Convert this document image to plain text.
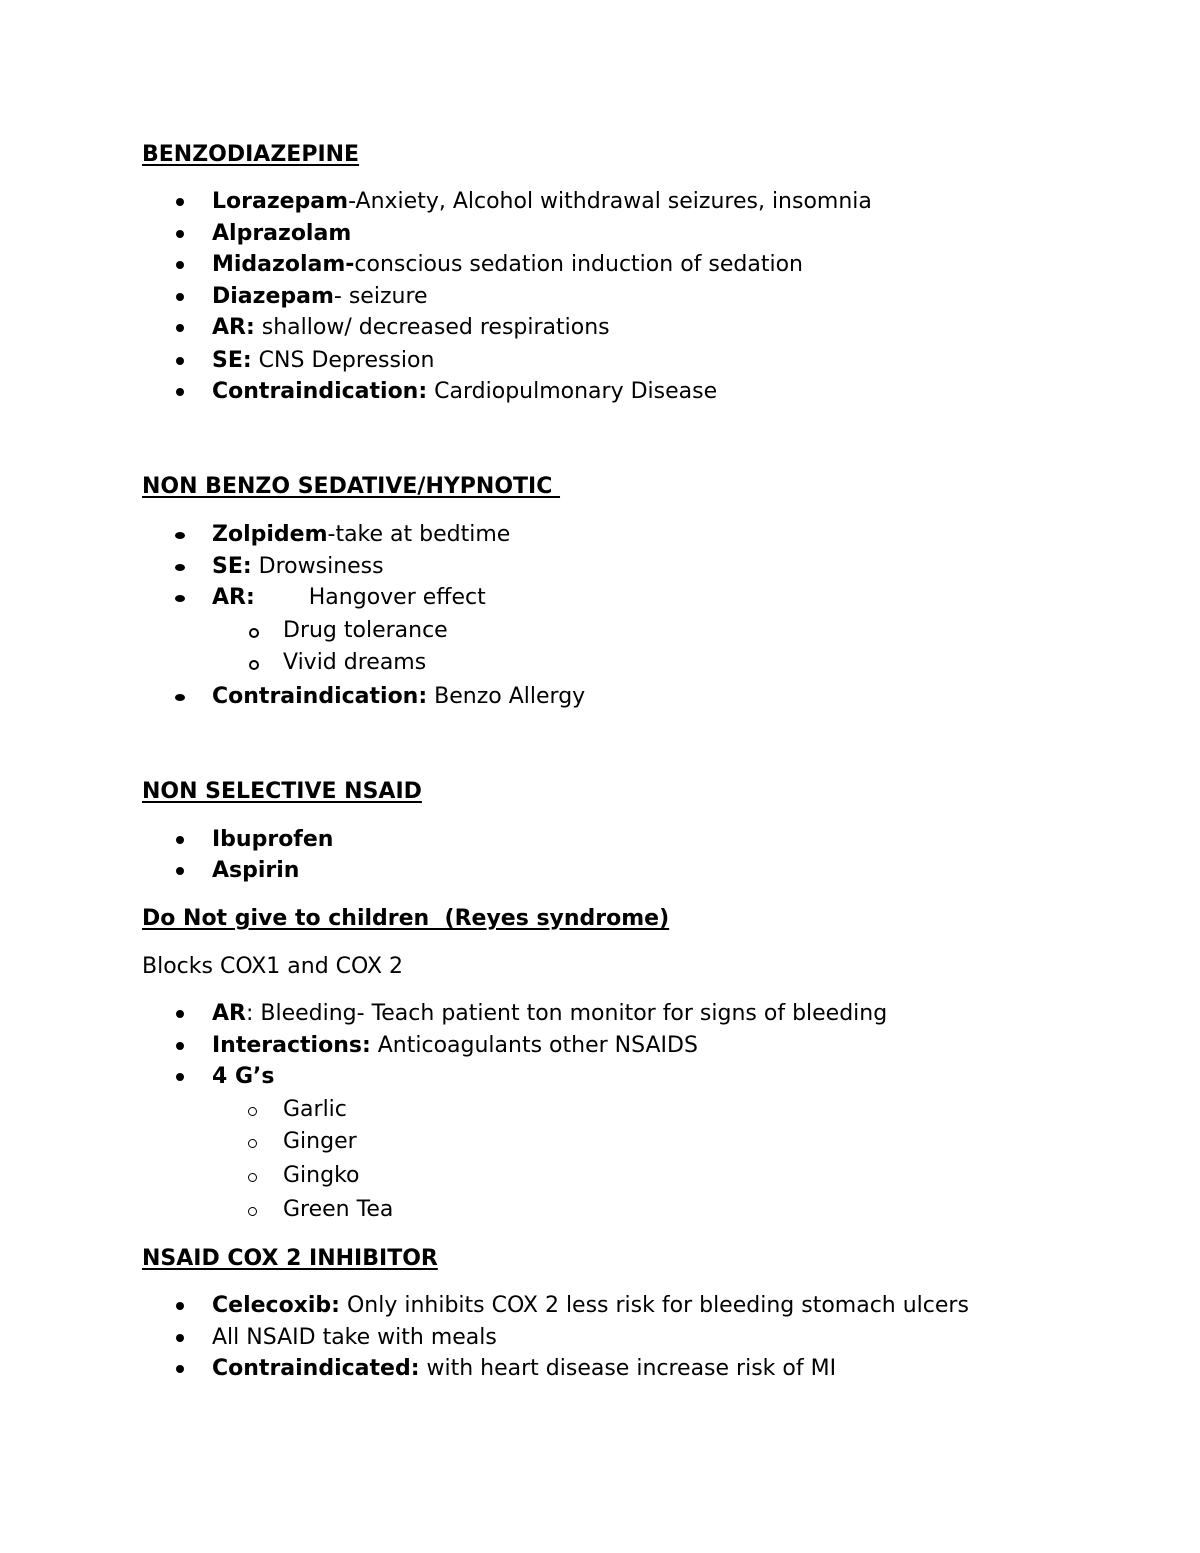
BENZODIAZEPINE
Lorazepam-Anxiety, Alcohol withdrawal seizures, insomnia
Alprazolam
Midazolam-conscious sedation induction of sedation
Diazepam- seizure
AR: shallow/ decreased respirations
SE: CNS Depression
Contraindication: Cardiopulmonary Disease
NON BENZO SEDATIVE/HYPNOTIC
Zolpidem-take at bedtime
SE: Drowsiness
AR: Hangover effect
Drug tolerance
Vivid dreams
Contraindication: Benzo Allergy
NON SELECTIVE NSAID
Ibuprofen
Aspirin
Do Not give to children  (Reyes syndrome)
Blocks COX1 and COX 2
AR: Bleeding- Teach patient ton monitor for signs of bleeding
Interactions: Anticoagulants other NSAIDS
4 G’s
Garlic
Ginger
Gingko
Green Tea
NSAID COX 2 INHIBITOR
Celecoxib: Only inhibits COX 2 less risk for bleeding stomach ulcers
All NSAID take with meals
Contraindicated: with heart disease increase risk of MI
